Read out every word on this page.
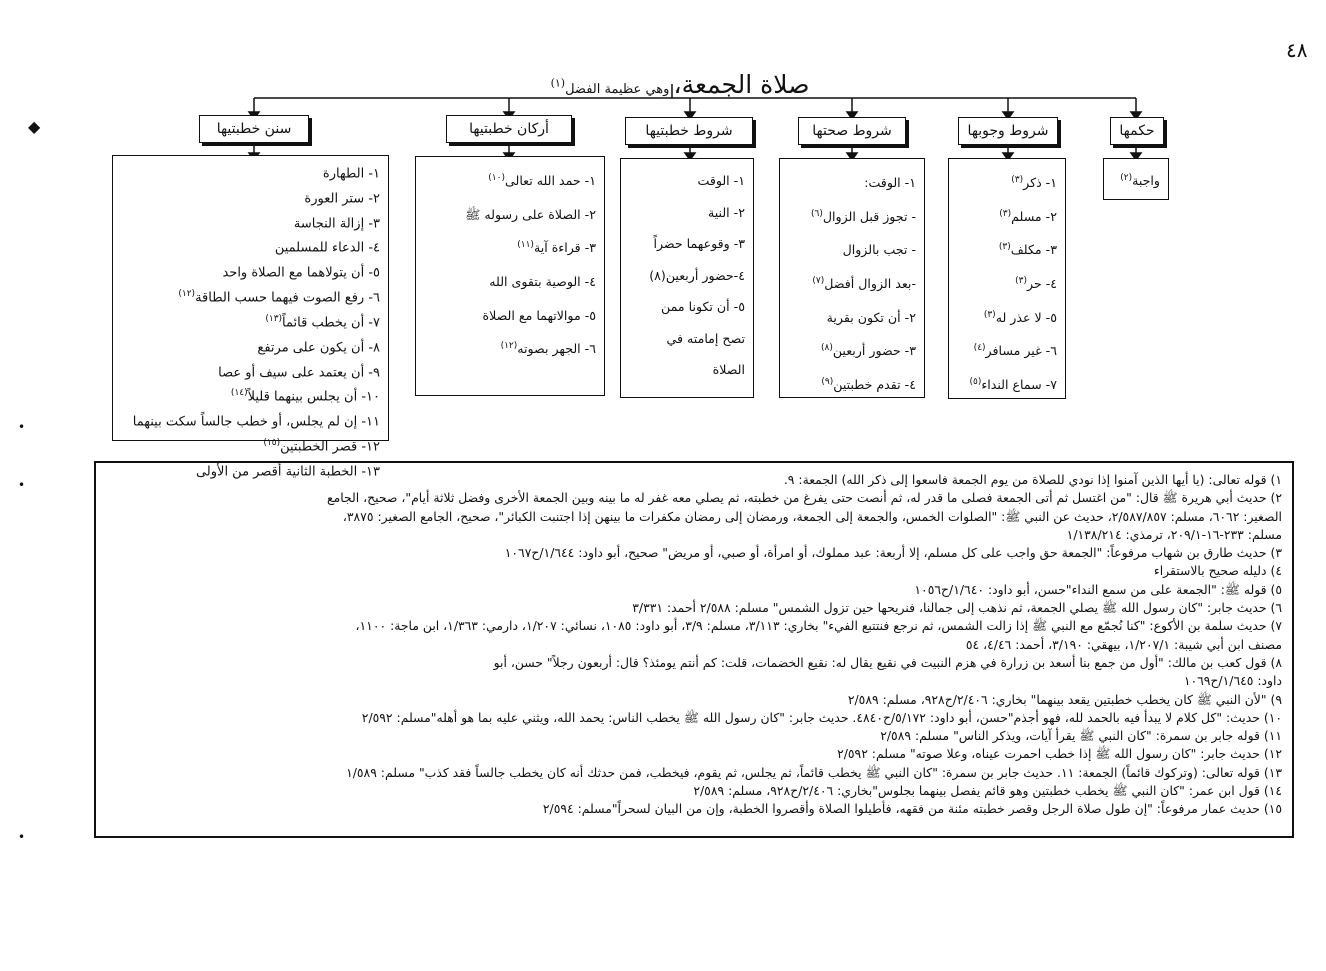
٤٨
صلاة الجمعة، وهي عظيمة الفضل$^{(١)}$
حكمها
شروط وجوبها
شروط صحتها
شروط خطبتيها
أركان خطبتيها
سنن خطبتيها
واجبة$^{(٢)}$
١- ذكر$^{(٣)}$
٢- مسلم$^{(٣)}$
٣- مكلف$^{(٣)}$
٤- حر$^{(٣)}$
٥- لا عذر له$^{(٣)}$
٦- غير مسافر$^{(٤)}$
٧- سماع النداء$^{(٥)}$
١- الوقت:
- تجوز قبل الزوال$^{(٦)}$
- تجب بالزوال
-بعد الزوال أفضل$^{(٧)}$
٢- أن تكون بقرية
٣- حضور أربعين$^{(٨)}$
٤- تقدم خطبتين$^{(٩)}$
١- الوقت
٢- النية
٣- وقوعهما حضراً
٤-حضور أربعين(٨)
٥- أن تكونا ممن
تصح إمامته في
الصلاة
١- حمد الله تعالى$^{(١٠)}$
٢- الصلاة على رسوله ﷺ
٣- قراءة آية$^{(١١)}$
٤- الوصية بتقوى الله
٥- موالاتهما مع الصلاة
٦- الجهر بصوته$^{(١٢)}$
١- الطهارة
٢- ستر العورة
٣- إزالة النجاسة
٤- الدعاء للمسلمين
٥- أن يتولاهما مع الصلاة واحد
٦- رفع الصوت فيهما حسب الطاقة$^{(١٢)}$
٧- أن يخطب قائماً$^{(١٣)}$
٨- أن يكون على مرتفع
٩- أن يعتمد على سيف أو عصا
١٠- أن يجلس بينهما قليلاً$^{(١٤)}$
١١- إن لم يجلس، أو خطب جالساً سكت بينهما
١٢- قصر الخطبتين$^{(١٥)}$
١٣- الخطبة الثانية أقصر من الأولى
١) قوله تعالى: (يا أيها الذين آمنوا إذا نودي للصلاة من يوم الجمعة فاسعوا إلى ذكر الله) الجمعة: ٩.
٢) حديث أبي هريرة ﷺ قال: "من اغتسل ثم أتى الجمعة فصلى ما قدر له، ثم أنصت حتى يفرغ من خطبته، ثم يصلي معه غفر له ما بينه وبين الجمعة الأخرى وفضل ثلاثة أيام"، صحيح، الجامع
الصغير: ٦٠٦٢، مسلم: ٢/٥٨٧/٨٥٧، حديث عن النبي ﷺ: "الصلوات الخمس، والجمعة إلى الجمعة، ورمضان إلى رمضان مكفرات ما بينهن إذا اجتنبت الكبائر"، صحيح، الجامع الصغير: ٣٨٧٥،
مسلم: ٢٣٣-١٦-٢٠٩/١، ترمذي: ١/١٣٨/٢١٤
٣) حديث طارق بن شهاب مرفوعاً: "الجمعة حق واجب على كل مسلم، إلا أربعة: عبد مملوك، أو امرأة، أو صبي، أو مريض" صحيح، أبو داود: ١/٦٤٤/ح١٠٦٧
٤) دليله صحيح بالاستقراء
٥) قوله ﷺ: "الجمعة على من سمع النداء"حسن، أبو داود: ١/٦٤٠/ح١٠٥٦
٦) حديث جابر: "كان رسول الله ﷺ يصلي الجمعة، ثم نذهب إلى جمالنا، فنريحها حين تزول الشمس" مسلم: ٢/٥٨٨ أحمد: ٣/٣٣١
٧) حديث سلمة بن الأكوع: "كنا نُجمّع مع النبي ﷺ إذا زالت الشمس، ثم نرجع فنتتبع الفيء" بخاري: ٣/١١٣، مسلم: ٣/٩، أبو داود: ١٠٨٥، نسائي: ١/٢٠٧، دارمي: ١/٣٦٣، ابن ماجة: ١١٠٠،
مصنف ابن أبي شيبة: ١/٢٠٧/١، بيهقي: ٣/١٩٠، أحمد: ٤/٤٦، ٥٤
٨) قول كعب بن مالك: "أول من جمع بنا أسعد بن زرارة في هزم النبيت في نقيع يقال له: نقيع الخضمات، قلت: كم أنتم يومئذ؟ قال: أربعون رجلاً" حسن، أبو
داود: ١/٦٤٥/ح١٠٦٩
٩) "لأن النبي ﷺ كان يخطب خطبتين يقعد بينهما" بخاري: ٢/٤٠٦/ح٩٢٨، مسلم: ٢/٥٨٩
١٠) حديث: "كل كلام لا يبدأ فيه بالحمد لله، فهو أجذم"حسن، أبو داود: ٥/١٧٢/ح٤٨٤٠. حديث جابر: "كان رسول الله ﷺ يخطب الناس: يحمد الله، ويثني عليه بما هو أهله"مسلم: ٢/٥٩٢
١١) قوله جابر بن سمرة: "كان النبي ﷺ يقرأ آيات، ويذكر الناس" مسلم: ٢/٥٨٩
١٢) حديث جابر: "كان رسول الله ﷺ إذا خطب احمرت عيناه، وعلا صوته" مسلم: ٢/٥٩٢
١٣) قوله تعالى: (وتركوك قائماً) الجمعة: ١١. حديث جابر بن سمرة: "كان النبي ﷺ يخطب قائماً، ثم يجلس، ثم يقوم، فيخطب، فمن حدثك أنه كان يخطب جالساً فقد كذب" مسلم: ١/٥٨٩
١٤) قول ابن عمر: "كان النبي ﷺ يخطب خطبتين وهو قائم يفصل بينهما بجلوس"بخاري: ٢/٤٠٦/ح٩٢٨، مسلم: ٢/٥٨٩
١٥) حديث عمار مرفوعاً: "إن طول صلاة الرجل وقصر خطبته مئنة من فقهه، فأطيلوا الصلاة وأقصروا الخطبة، وإن من البيان لسحراً"مسلم: ٢/٥٩٤
◆
•
•
•
